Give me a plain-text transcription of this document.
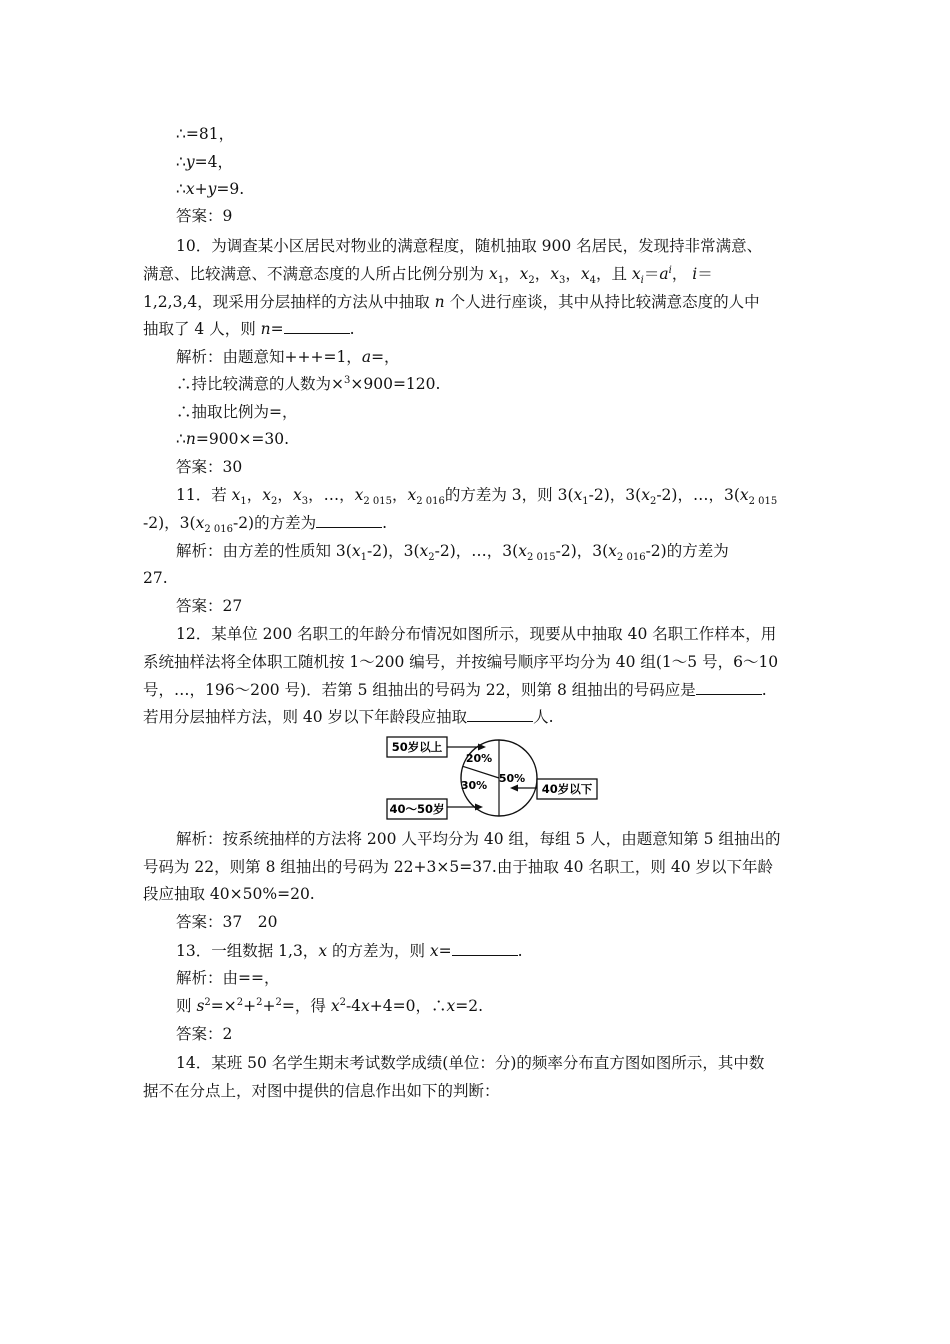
∴=81，
∴y=4，
∴x+y=9.
答案：9
10．为调查某小区居民对物业的满意程度，随机抽取 900 名居民，发现持非常满意、
满意、比较满意、不满意态度的人所占比例分别为 $x_1$，$x_2$，$x_3$，$x_4$，且 $x_i=a^i$， i＝
1,2,3,4，现采用分层抽样的方法从中抽取 n 个人进行座谈，其中从持比较满意态度的人中
抽取了 4 人，则 n=	.
解析：由题意知+++=1，a=，
∴持比较满意的人数为×$^3$×900=120.
∴抽取比例为=，
∴n=900×=30.
答案：30
11．若 $x_1$，$x_2$，$x_3$，…，$x_{2 015}$，$x_{2 016}$的方差为 3，则 $3(x_1-2)$，$3(x_2-2)$，…，$3(x_{2 015}$
-2)，$3(x_{2 016}-2)$的方差为	.
解析：由方差的性质知 $3(x_1-2)$，$3(x_2-2)$，…，$3(x_{2 015}-2)$，$3(x_{2 016}-2)$的方差为
27.
答案：27
12．某单位 200 名职工的年龄分布情况如图所示，现要从中抽取 40 名职工作样本，用
系统抽样法将全体职工随机按 1～200 编号，并按编号顺序平均分为 40 组(1～5 号，6～10
号，…，196～200 号)．若第 5 组抽出的号码为 22，则第 8 组抽出的号码应是	.
若用分层抽样方法，则 40 岁以下年龄段应抽取	人.
20%
30%
50%
50岁以上
40～50岁
40岁以下
解析：按系统抽样的方法将 200 人平均分为 40 组，每组 5 人，由题意知第 5 组抽出的
号码为 22，则第 8 组抽出的号码为 22+3×5=37.由于抽取 40 名职工，则 40 岁以下年龄
段应抽取 40×50%=20.
答案：37　20
13．一组数据 1,3，x 的方差为，则 x=	.
解析：由==，
则 $s^2=\times^2+^2+^2=$，得 $x^2-4x+4=0$，∴x=2.
答案：2
14．某班 50 名学生期末考试数学成绩(单位：分)的频率分布直方图如图所示，其中数
据不在分点上，对图中提供的信息作出如下的判断：
